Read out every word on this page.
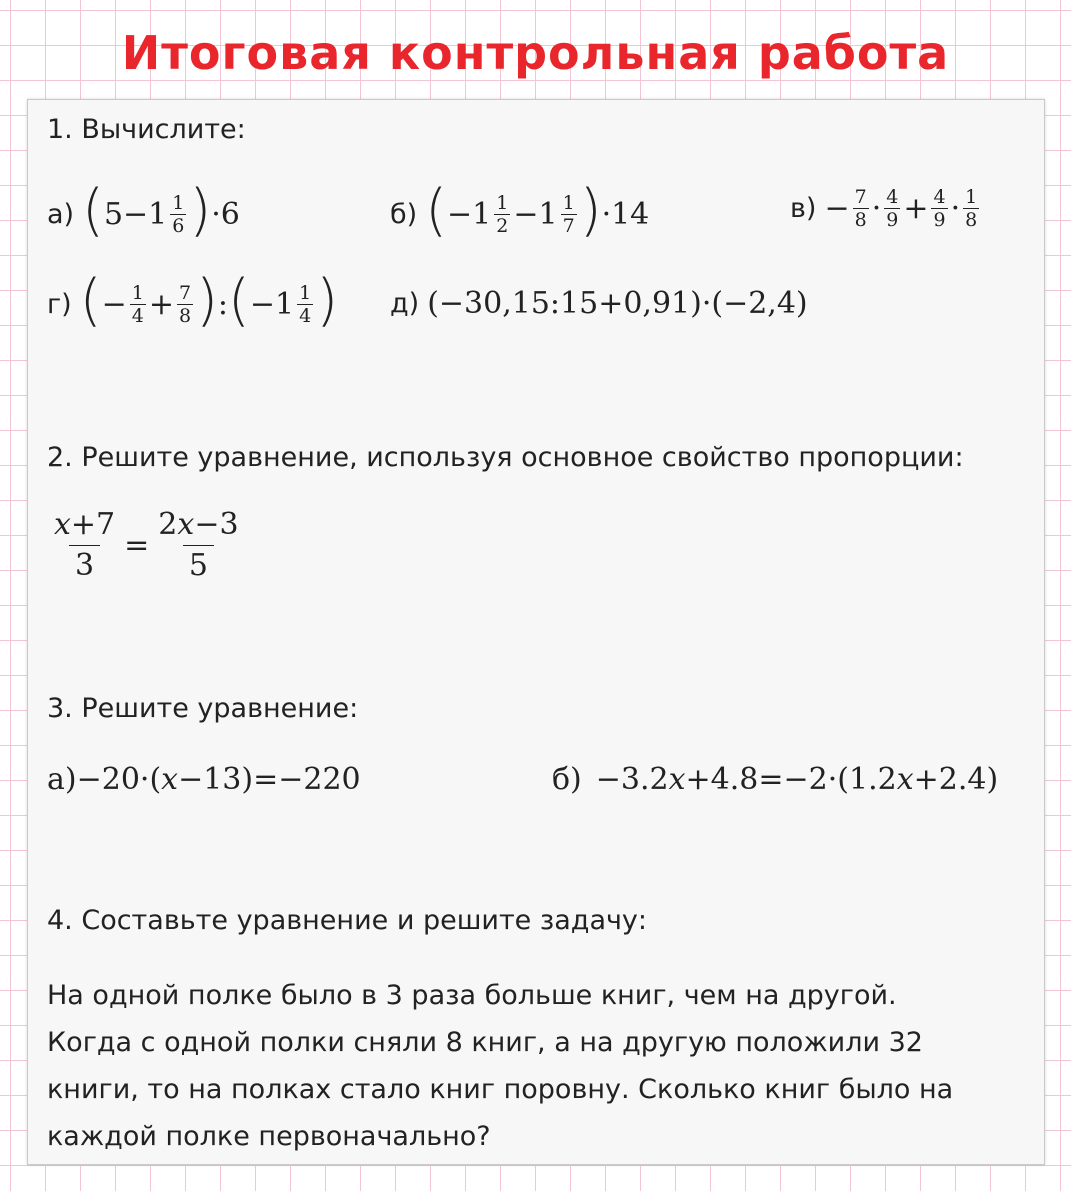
Итоговая контрольная работа
1. Вычислите:
а) ( $5-1 \frac{1}{6}$ ) ·6	б) ( $-1 \frac{1}{2} -1 \frac{1}{7}$ ) ·14	$в) - \frac{7}{8} \cdot \frac{4}{9} + \frac{4}{9} \cdot \frac{1}{8}$
г) ( − $\frac{1}{4} + \frac{7}{8}$ ) : ( $-1 \frac{1}{4}$ ) д) (−30,15:15+0,91)·(−2,4)
2. Решите уравнение, используя основное свойство пропорции:
$\frac{x+7}{3} = \frac{2x-3}{5}$
3. Решите уравнение:
а) −20·( x −13)=−220	б) −3.2 x +4.8=−2·(1.2 x +2.4)
4. Составьте уравнение и решите задачу:
На одной полке было в 3 раза больше книг, чем на другой.
Когда с одной полки сняли 8 книг, а на другую положили 32
книги, то на полках стало книг поровну. Сколько книг было на
каждой полке первоначально?
